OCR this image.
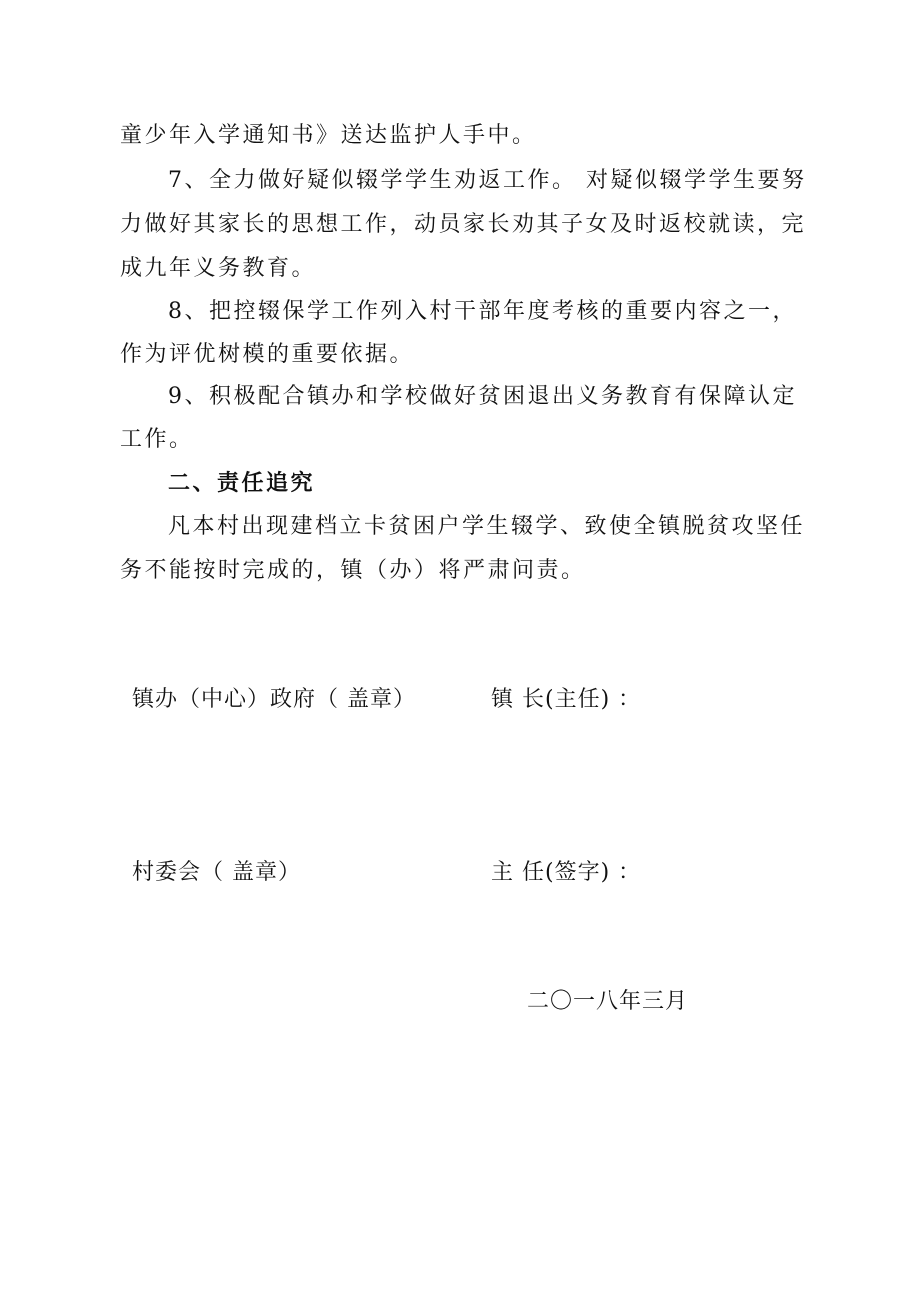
童少年入学通知书》送达监护人手中。
7、全力做好疑似辍学学生劝返工作。 对疑似辍学学生要努
力做好其家长的思想工作，动员家长劝其子女及时返校就读，完
成九年义务教育。
8、把控辍保学工作列入村干部年度考核的重要内容之一，
作为评优树模的重要依据。
9、积极配合镇办和学校做好贫困退出义务教育有保障认定
工作。
二、责任追究
凡本村出现建档立卡贫困户学生辍学、致使全镇脱贫攻坚任
务不能按时完成的，镇（办）将严肃问责。
镇办（中心）政府（ 盖章）	镇 长(主任) ：
村委会（ 盖章）	主 任(签字) ：
二〇一八年三月
